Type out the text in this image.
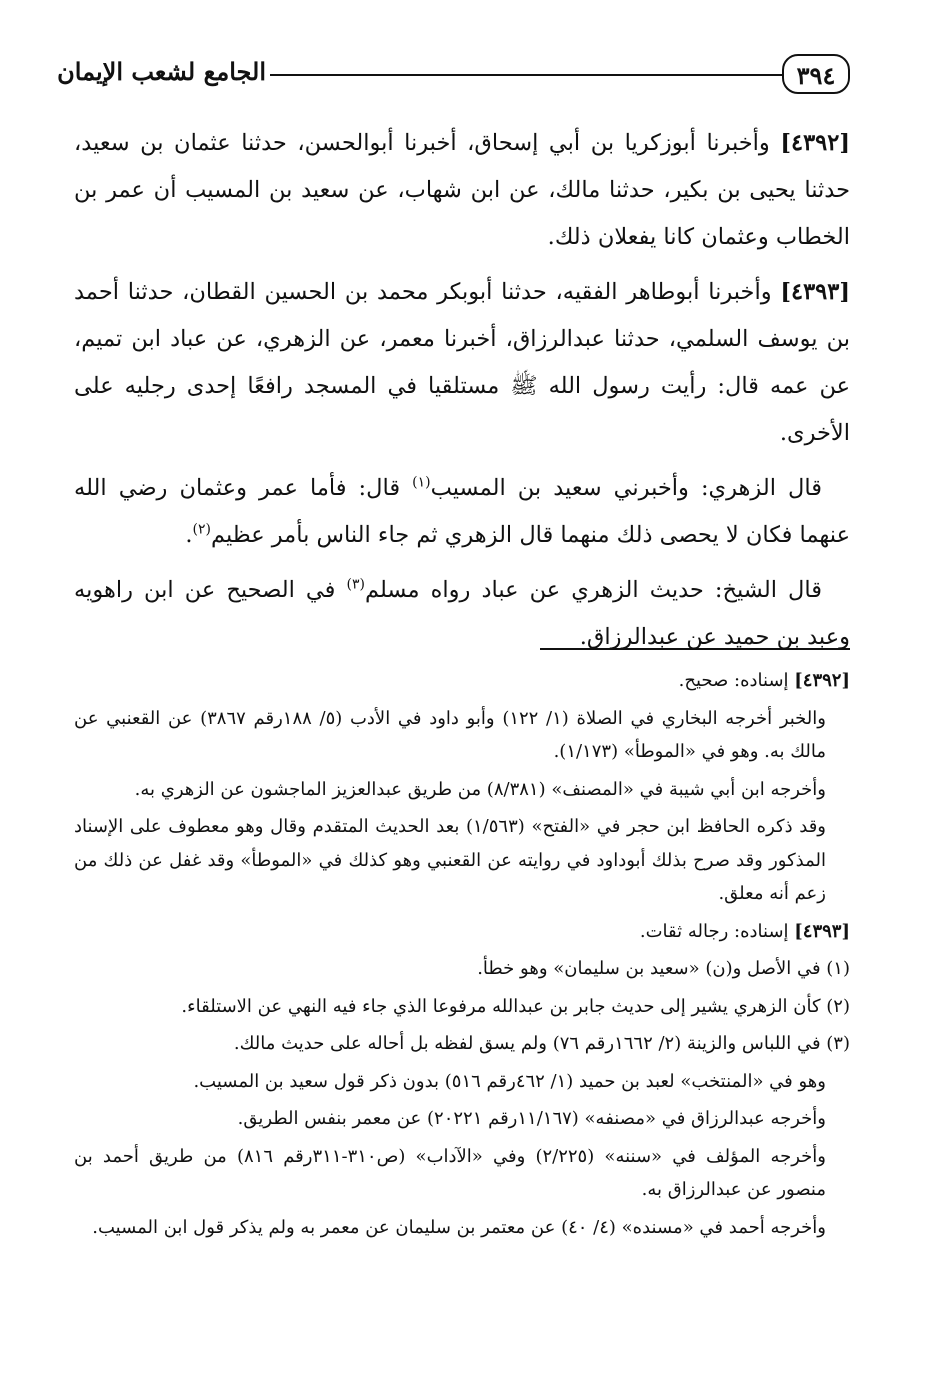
٣٩٤
الجامع لشعب الإيمان

[٤٣٩٢] وأخبرنا أبوزكريا بن أبي إسحاق، أخبرنا أبوالحسن، حدثنا عثمان بن سعيد، حدثنا يحيى بن بكير، حدثنا مالك، عن ابن شهاب، عن سعيد بن المسيب أن عمر بن الخطاب وعثمان كانا يفعلان ذلك.

[٤٣٩٣] وأخبرنا أبوطاهر الفقيه، حدثنا أبوبكر محمد بن الحسين القطان، حدثنا أحمد بن يوسف السلمي، حدثنا عبدالرزاق، أخبرنا معمر، عن الزهري، عن عباد ابن تميم، عن عمه قال: رأيت رسول الله ﷺ مستلقيا في المسجد رافعًا إحدى رجليه على الأخرى.

قال الزهري: وأخبرني سعيد بن المسيب$^{(١)}$ قال: فأما عمر وعثمان رضي الله عنهما فكان لا يحصى ذلك منهما قال الزهري ثم جاء الناس بأمر عظيم$^{(٢)}$.

قال الشيخ: حديث الزهري عن عباد رواه مسلم$^{(٣)}$ في الصحيح عن ابن راهويه وعبد بن حميد عن عبدالرزاق.

[٤٣٩٢] إسناده: صحيح.

والخبر أخرجه البخاري في الصلاة (١/ ١٢٢) وأبو داود في الأدب (٥/ ١٨٨رقم ٣٨٦٧) عن القعنبي عن مالك به. وهو في «الموطأ» (١/١٧٣).

وأخرجه ابن أبي شيبة في «المصنف» (٨/٣٨١) من طريق عبدالعزيز الماجشون عن الزهري به.

وقد ذكره الحافظ ابن حجر في «الفتح» (١/٥٦٣) بعد الحديث المتقدم وقال وهو معطوف على الإسناد المذكور وقد صرح بذلك أبوداود في روايته عن القعنبي وهو كذلك في «الموطأ» وقد غفل عن ذلك من زعم أنه معلق.

[٤٣٩٣] إسناده: رجاله ثقات.

(١) في الأصل و(ن) «سعيد بن سليمان» وهو خطأ.

(٢) كأن الزهري يشير إلى حديث جابر بن عبدالله مرفوعا الذي جاء فيه النهي عن الاستلقاء.

(٣) في اللباس والزينة (٢/ ١٦٦٢رقم ٧٦) ولم يسق لفظه بل أحاله على حديث مالك.

وهو في «المنتخب» لعبد بن حميد (١/ ٤٦٢رقم ٥١٦) بدون ذكر قول سعيد بن المسيب.

وأخرجه عبدالرزاق في «مصنفه» (١١/١٦٧رقم ٢٠٢٢١) عن معمر بنفس الطريق.

وأخرجه المؤلف في «سننه» (٢/٢٢٥) وفي «الآداب» (ص٣١٠-٣١١رقم ٨١٦) من طريق أحمد بن منصور عن عبدالرزاق به.

وأخرجه أحمد في «مسنده» (٤/ ٤٠) عن معتمر بن سليمان عن معمر به ولم يذكر قول ابن المسيب.
